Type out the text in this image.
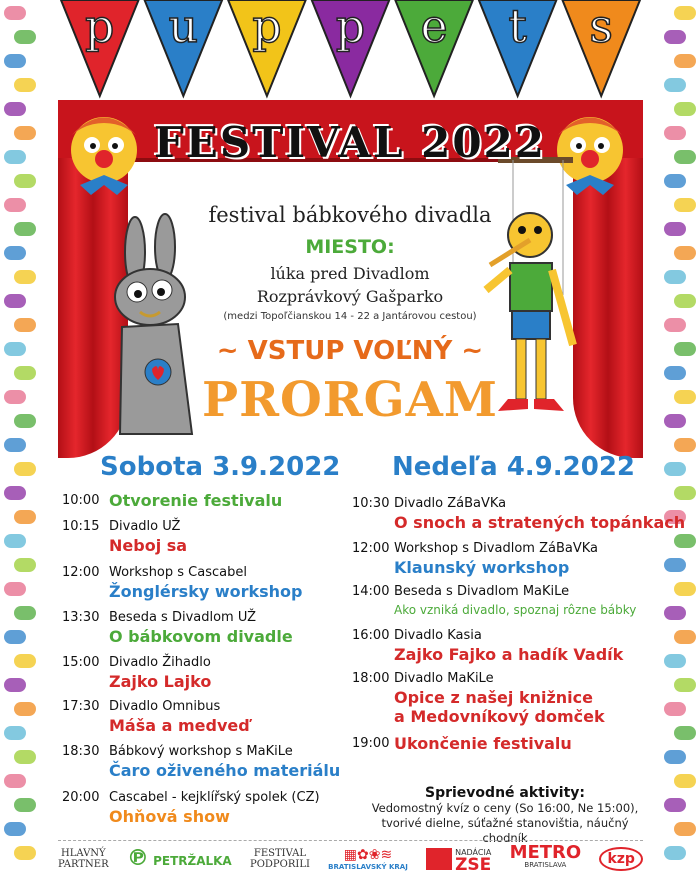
p u p p e t s
FESTIVAL 2022
festival bábkového divadla
MIESTO:
lúka pred Divadlom
Rozprávkový Gašparko
(medzi Topoľčianskou 14 - 22 a Jantárovou cestou)
~ VSTUP VOĽNÝ ~
PRORGAM
Sobota 3.9.2022 Nedeľa 4.9.2022
10:00 Otvorenie festivalu
10:15 Divadlo UŽ
Neboj sa
12:00 Workshop s Cascabel
Žonglérsky workshop
13:30 Beseda s Divadlom UŽ
O bábkovom divadle
15:00 Divadlo Žihadlo
Zajko Lajko
17:30 Divadlo Omnibus
Máša a medveď
18:30 Bábkový workshop s MaKiLe
Čaro oživeného materiálu
20:00 Cascabel - kejklířský spolek (CZ)
Ohňová show
10:30 Divadlo ZáBaVKa
O snoch a stratených topánkach
12:00 Workshop s Divadlom ZáBaVKa
Klaunský workshop
14:00 Beseda s Divadlom MaKiLe
Ako vzniká divadlo, spoznaj rôzne bábky
16:00 Divadlo Kasia
Zajko Fajko a hadík Vadík
18:00 Divadlo MaKiLe
Opice z našej knižnice
a Medovníkový domček
19:00 Ukončenie festivalu
Sprievodné aktivity:
Vedomostný kvíz o ceny (So 16:00, Ne 15:00),
tvorivé dielne, súťažné stanovištia, náučný chodník
HLAVNÝ
PARTNER ℗ PETRŽALKA
FESTIVAL
PODPORILI
▦✿❀≋
BRATISLAVSKÝ KRAJ
NADÁCIA
ZSE
METRO
BRATISLAVA	kzp
